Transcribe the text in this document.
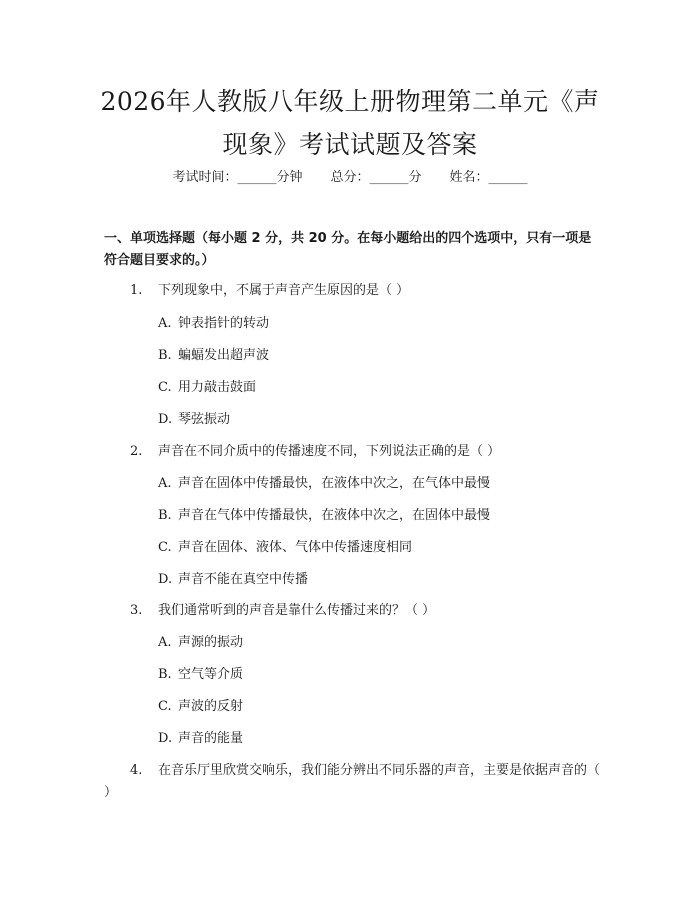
2026年人教版八年级上册物理第二单元《声现象》考试试题及答案
考试时间：______分钟 总分：______分 姓名：______
一、单项选择题（每小题 2 分，共 20 分。在每小题给出的四个选项中，只有一项是符合题目要求的。）
1. 下列现象中，不属于声音产生原因的是（ ）
A. 钟表指针的转动
B. 蝙蝠发出超声波
C. 用力敲击鼓面
D. 琴弦振动
2. 声音在不同介质中的传播速度不同，下列说法正确的是（ ）
A. 声音在固体中传播最快，在液体中次之，在气体中最慢
B. 声音在气体中传播最快，在液体中次之，在固体中最慢
C. 声音在固体、液体、气体中传播速度相同
D. 声音不能在真空中传播
3. 我们通常听到的声音是靠什么传播过来的？（ ）
A. 声源的振动
B. 空气等介质
C. 声波的反射
D. 声音的能量
4. 在音乐厅里欣赏交响乐，我们能分辨出不同乐器的声音，主要是依据声音的（ ）
